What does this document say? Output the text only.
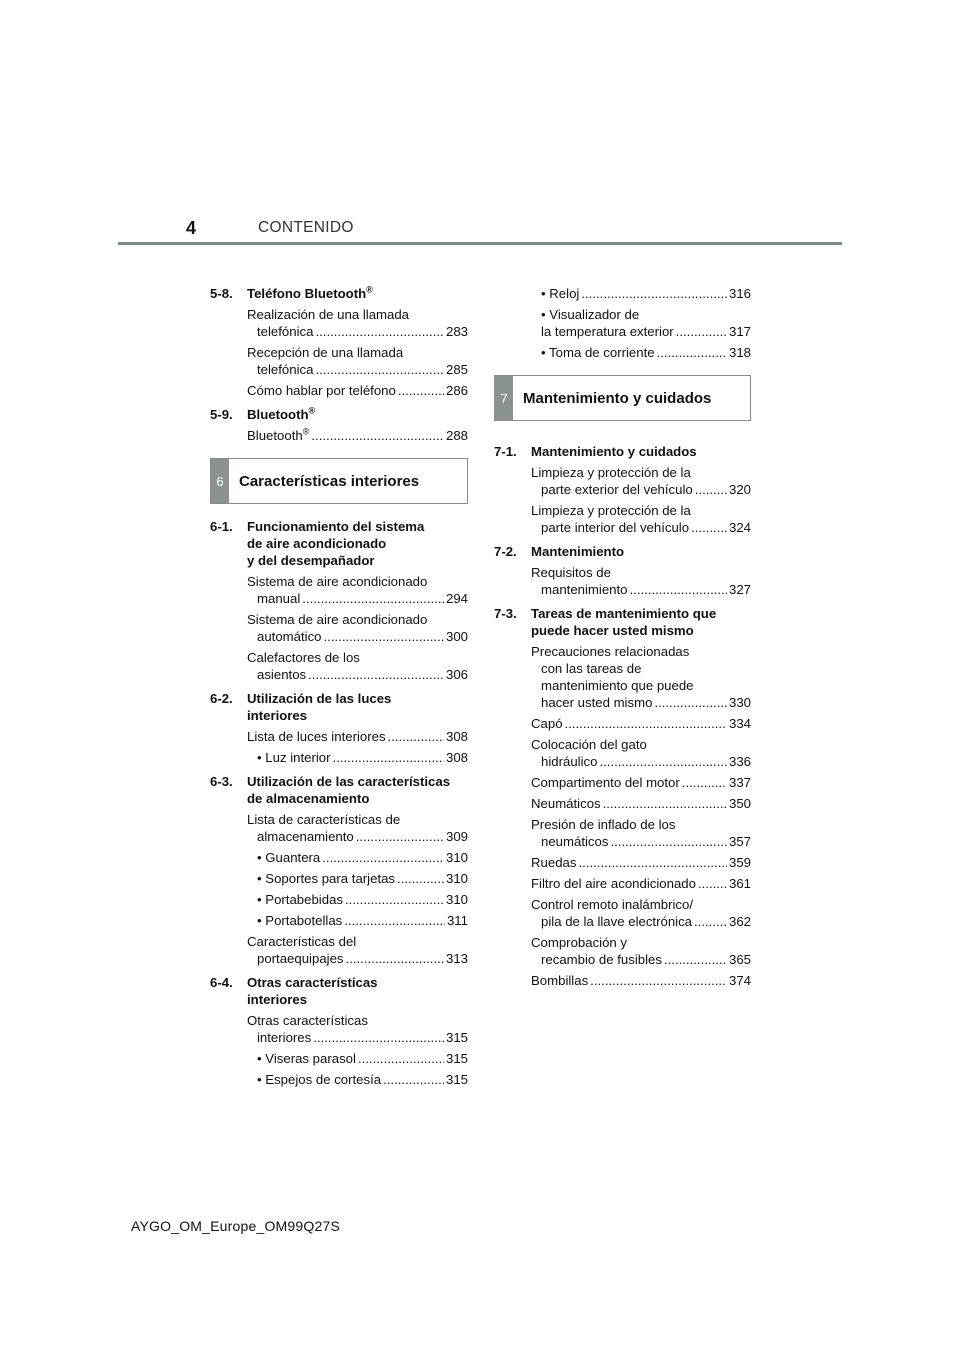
4	CONTENIDO
5-8.	Teléfono Bluetooth®
Realización de una llamada
telefónica .....	283
Recepción de una llamada
telefónica .....	285
Cómo hablar por teléfono .....	286
5-9.	Bluetooth®
Bluetooth® .....	288
6	Características interiores
6-1.	Funcionamiento del sistema
de aire acondicionado
y del desempañador
Sistema de aire acondicionado
manual .....	294
Sistema de aire acondicionado
automático .....	300
Calefactores de los
asientos .....	306
6-2.	Utilización de las luces
interiores
Lista de luces interiores .....	308
• Luz interior .....	308
6-3.	Utilización de las características
de almacenamiento
Lista de características de
almacenamiento .....	309
• Guantera .....	310
• Soportes para tarjetas .....	310
• Portabebidas .....	310
• Portabotellas .....	311
Características del
portaequipajes .....	313
6-4.	Otras características
interiores
Otras características
interiores .....	315
• Viseras parasol .....	315
• Espejos de cortesía .....	315
• Reloj .....	316
• Visualizador de
la temperatura exterior .....	317
• Toma de corriente .....	318
7	Mantenimiento y cuidados
7-1.	Mantenimiento y cuidados
Limpieza y protección de la
parte exterior del vehículo .....	320
Limpieza y protección de la
parte interior del vehículo .....	324
7-2.	Mantenimiento
Requisitos de
mantenimiento .....	327
7-3.	Tareas de mantenimiento que
puede hacer usted mismo
Precauciones relacionadas
con las tareas de
mantenimiento que puede
hacer usted mismo .....	330
Capó .....	334
Colocación del gato
hidráulico .....	336
Compartimento del motor .....	337
Neumáticos .....	350
Presión de inflado de los
neumáticos .....	357
Ruedas .....	359
Filtro del aire acondicionado .....	361
Control remoto inalámbrico/
pila de la llave electrónica .....	362
Comprobación y
recambio de fusibles .....	365
Bombillas .....	374
AYGO_OM_Europe_OM99Q27S
